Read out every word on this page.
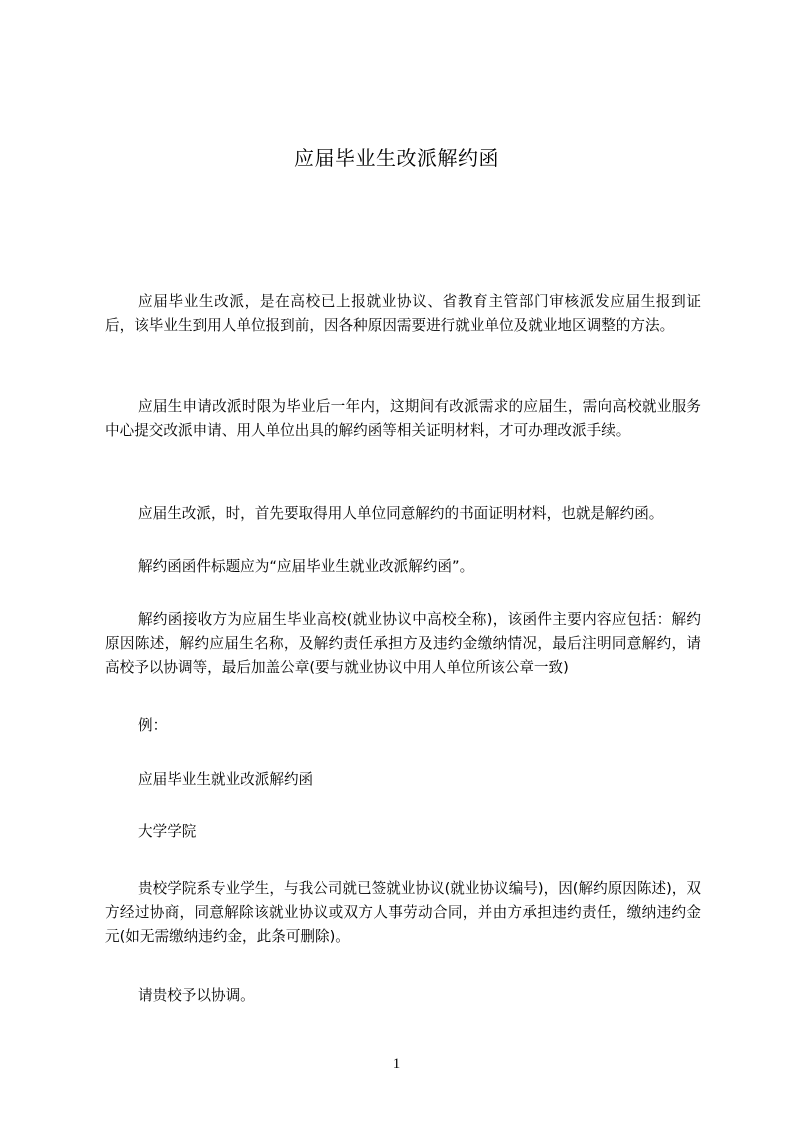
应届毕业生改派解约函
应届毕业生改派，是在高校已上报就业协议、省教育主管部门审核派发应届生报到证后，该毕业生到用人单位报到前，因各种原因需要进行就业单位及就业地区调整的方法。
应届生申请改派时限为毕业后一年内，这期间有改派需求的应届生，需向高校就业服务中心提交改派申请、用人单位出具的解约函等相关证明材料，才可办理改派手续。
应届生改派，时，首先要取得用人单位同意解约的书面证明材料，也就是解约函。
解约函函件标题应为“应届毕业生就业改派解约函”。
解约函接收方为应届生毕业高校(就业协议中高校全称)，该函件主要内容应包括：解约原因陈述，解约应届生名称，及解约责任承担方及违约金缴纳情况，最后注明同意解约，请高校予以协调等，最后加盖公章(要与就业协议中用人单位所该公章一致)
例：
应届毕业生就业改派解约函
大学学院
贵校学院系专业学生，与我公司就已签就业协议(就业协议编号)，因(解约原因陈述)，双方经过协商，同意解除该就业协议或双方人事劳动合同，并由方承担违约责任，缴纳违约金元(如无需缴纳违约金，此条可删除)。
请贵校予以协调。
1
